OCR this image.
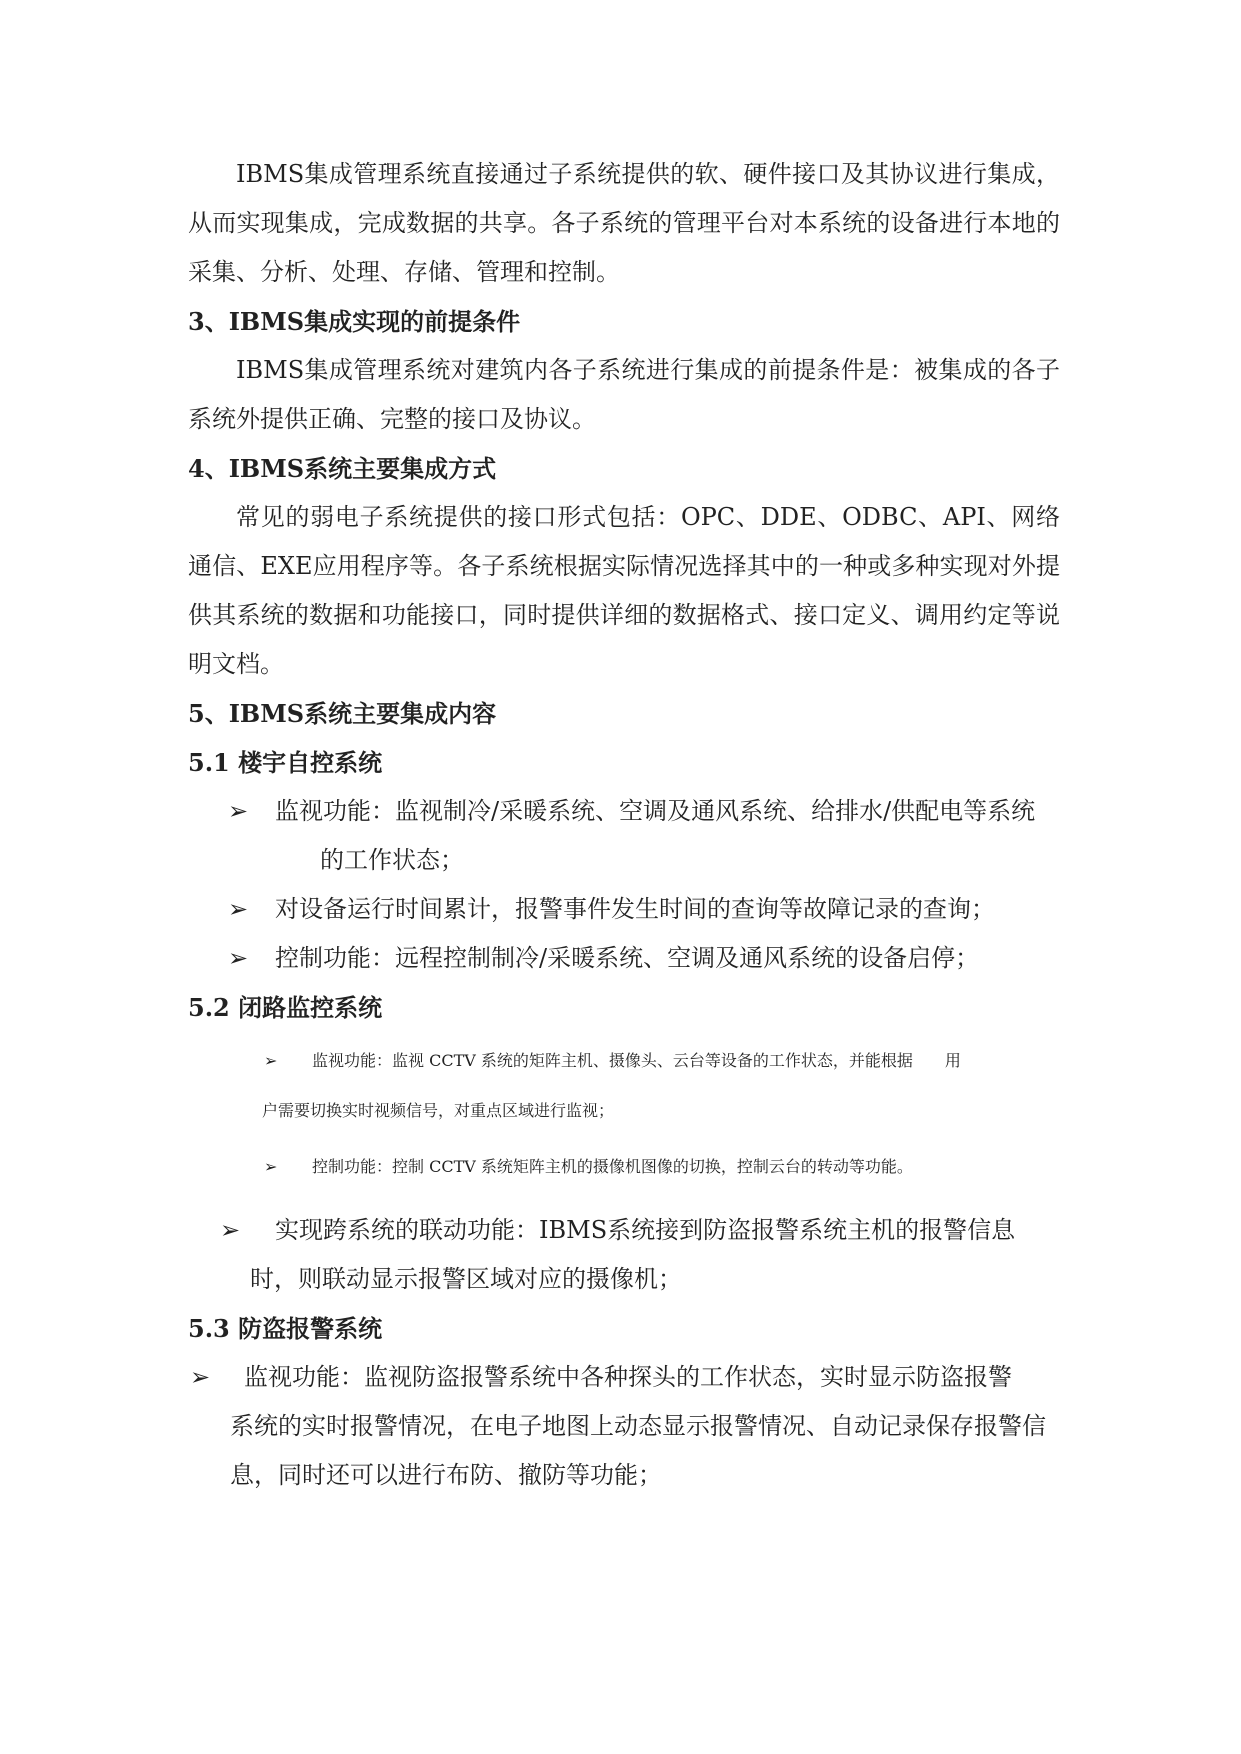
IBMS集成管理系统直接通过子系统提供的软、硬件接口及其协议进行集成，从而实现集成，完成数据的共享。各子系统的管理平台对本系统的设备进行本地的采集、分析、处理、存储、管理和控制。

3、IBMS集成实现的前提条件

IBMS集成管理系统对建筑内各子系统进行集成的前提条件是：被集成的各子系统外提供正确、完整的接口及协议。

4、IBMS系统主要集成方式

常见的弱电子系统提供的接口形式包括：OPC、DDE、ODBC、API、网络通信、EXE应用程序等。各子系统根据实际情况选择其中的一种或多种实现对外提供其系统的数据和功能接口，同时提供详细的数据格式、接口定义、调用约定等说明文档。

5、IBMS系统主要集成内容

5.1 楼宇自控系统

➢ 监视功能：监视制冷/采暖系统、空调及通风系统、给排水/供配电等系统
的工作状态；
➢ 对设备运行时间累计，报警事件发生时间的查询等故障记录的查询；
➢ 控制功能：远程控制制冷/采暖系统、空调及通风系统的设备启停；

5.2 闭路监控系统

➢ 监视功能：监视 CCTV 系统的矩阵主机、摄像头、云台等设备的工作状态，并能根据　　用
户需要切换实时视频信号，对重点区域进行监视；
➢ 控制功能：控制 CCTV 系统矩阵主机的摄像机图像的切换，控制云台的转动等功能。
➢ 实现跨系统的联动功能：IBMS系统接到防盗报警系统主机的报警信息
时，则联动显示报警区域对应的摄像机；

5.3 防盗报警系统

➢ 监视功能：监视防盗报警系统中各种探头的工作状态，实时显示防盗报警
系统的实时报警情况，在电子地图上动态显示报警情况、自动记录保存报警信息，同时还可以进行布防、撤防等功能；
